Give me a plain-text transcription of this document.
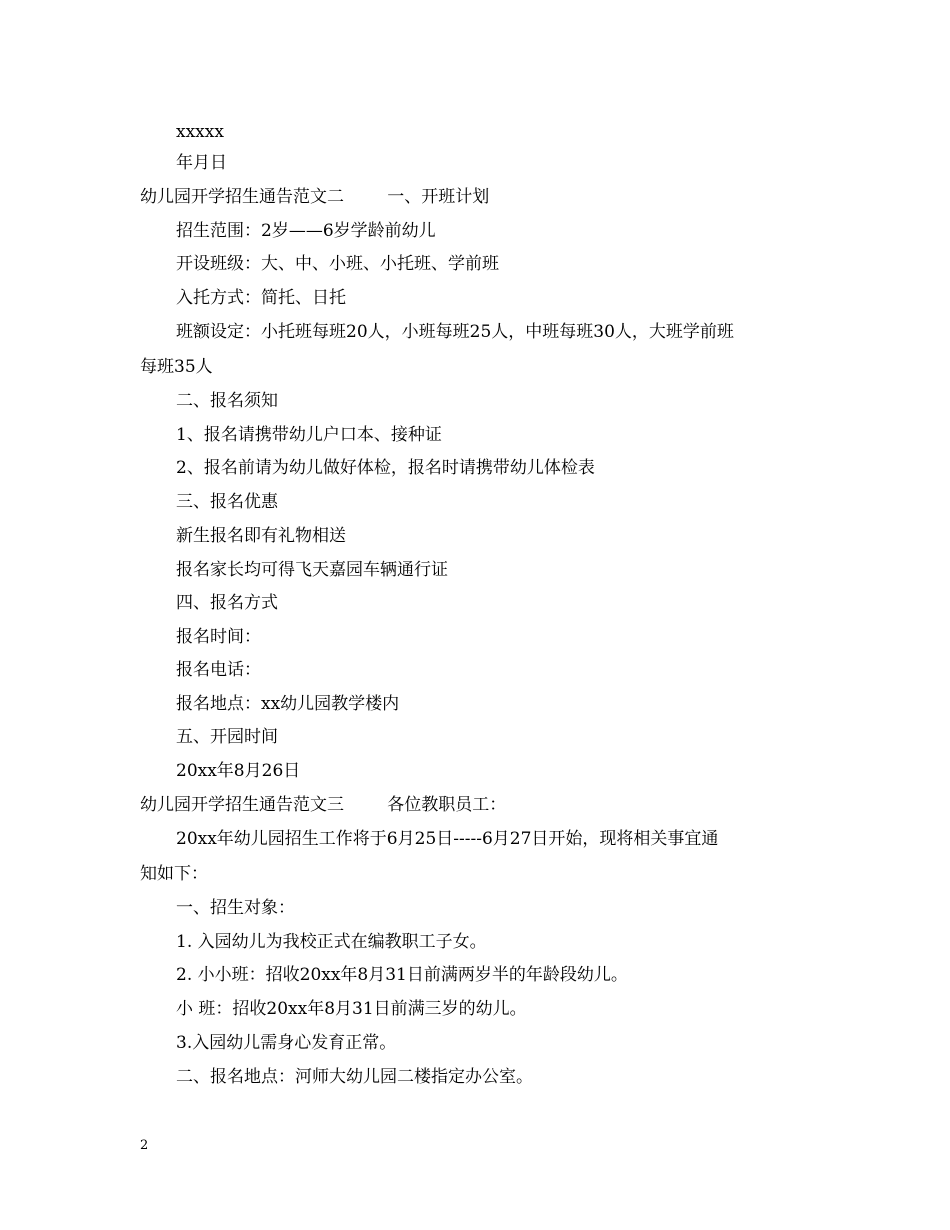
xxxxx
年月日
幼儿园开学招生通告范文二        一、开班计划
招生范围：2岁——6岁学龄前幼儿
开设班级：大、中、小班、小托班、学前班
入托方式：简托、日托
班额设定：小托班每班20人，小班每班25人，中班每班30人，大班学前班
每班35人
二、报名须知
1、报名请携带幼儿户口本、接种证
2、报名前请为幼儿做好体检，报名时请携带幼儿体检表
三、报名优惠
新生报名即有礼物相送
报名家长均可得飞天嘉园车辆通行证
四、报名方式
报名时间：
报名电话：
报名地点：xx幼儿园教学楼内
五、开园时间
20xx年8月26日
幼儿园开学招生通告范文三        各位教职员工：
20xx年幼儿园招生工作将于6月25日-----6月27日开始，现将相关事宜通
知如下：
一、招生对象：
1. 入园幼儿为我校正式在编教职工子女。
2. 小小班：招收20xx年8月31日前满两岁半的年龄段幼儿。
小 班：招收20xx年8月31日前满三岁的幼儿。
3.入园幼儿需身心发育正常。
二、报名地点：河师大幼儿园二楼指定办公室。
2
